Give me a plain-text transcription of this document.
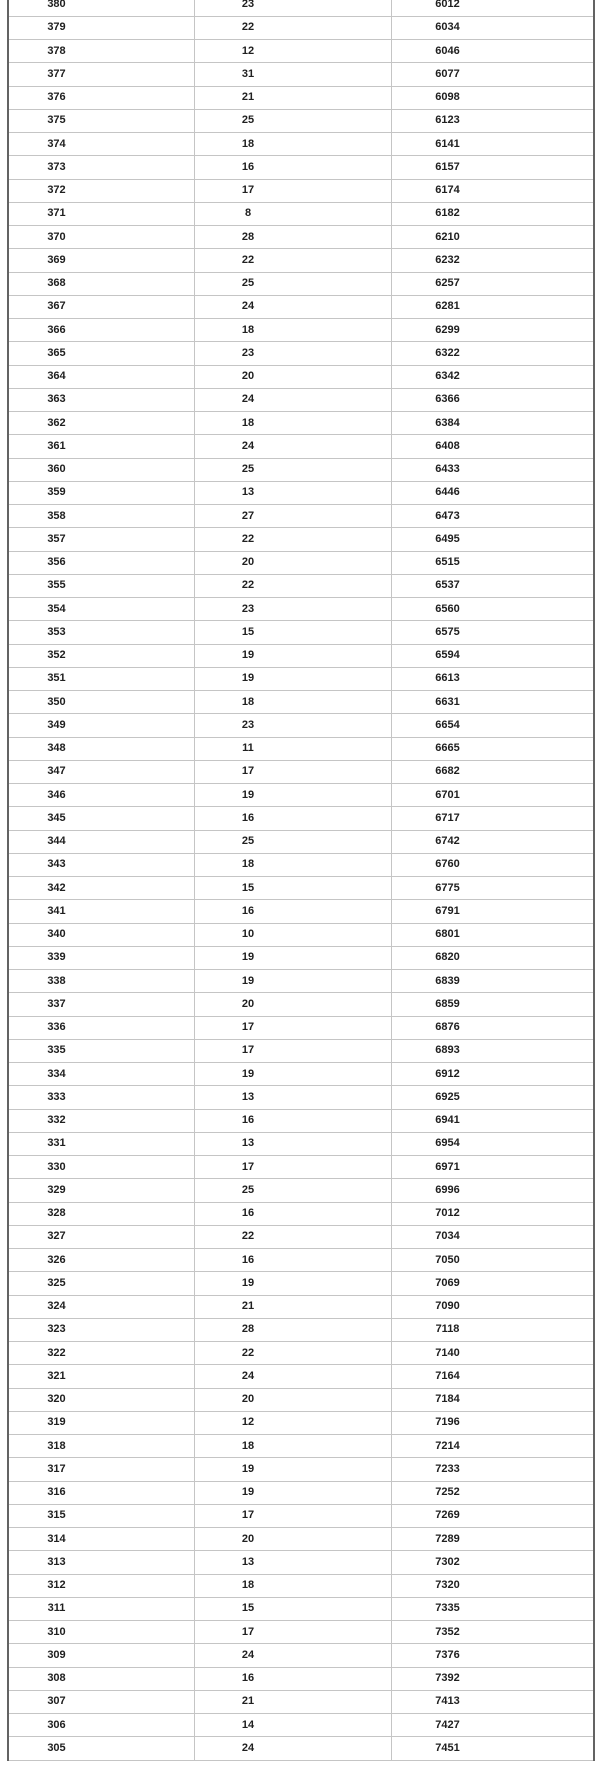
380	23	6012
379	22	6034
378	12	6046
377	31	6077
376	21	6098
375	25	6123
374	18	6141
373	16	6157
372	17	6174
371	8	6182
370	28	6210
369	22	6232
368	25	6257
367	24	6281
366	18	6299
365	23	6322
364	20	6342
363	24	6366
362	18	6384
361	24	6408
360	25	6433
359	13	6446
358	27	6473
357	22	6495
356	20	6515
355	22	6537
354	23	6560
353	15	6575
352	19	6594
351	19	6613
350	18	6631
349	23	6654
348	11	6665
347	17	6682
346	19	6701
345	16	6717
344	25	6742
343	18	6760
342	15	6775
341	16	6791
340	10	6801
339	19	6820
338	19	6839
337	20	6859
336	17	6876
335	17	6893
334	19	6912
333	13	6925
332	16	6941
331	13	6954
330	17	6971
329	25	6996
328	16	7012
327	22	7034
326	16	7050
325	19	7069
324	21	7090
323	28	7118
322	22	7140
321	24	7164
320	20	7184
319	12	7196
318	18	7214
317	19	7233
316	19	7252
315	17	7269
314	20	7289
313	13	7302
312	18	7320
311	15	7335
310	17	7352
309	24	7376
308	16	7392
307	21	7413
306	14	7427
305	24	7451
